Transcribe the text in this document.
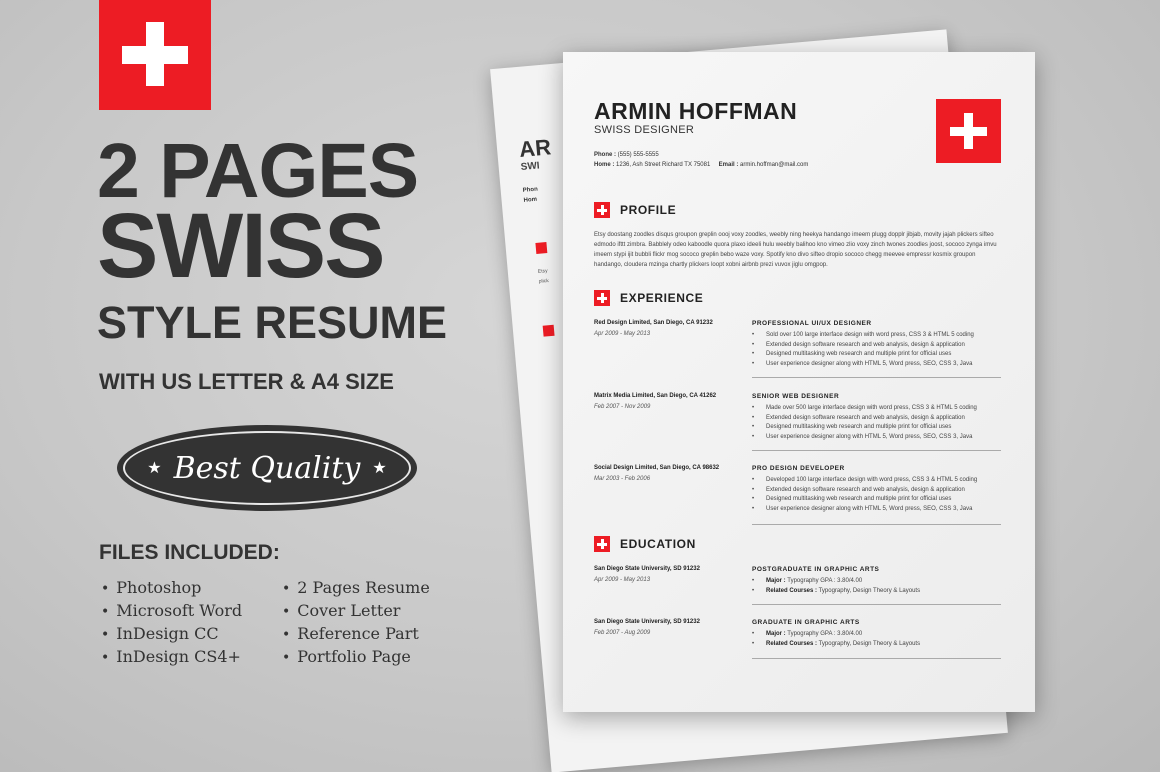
2 PAGES
SWISS
STYLE RESUME
WITH US LETTER & A4 SIZE
★ Best Quality ★
FILES INCLUDED:
• Photoshop
• Microsoft Word
• InDesign CC
• InDesign CS4+
• 2 Pages Resume
• Cover Letter
• Reference Part
• Portfolio Page
AR
SWI
Phon
Hom
Etsy
plick
ARMIN HOFFMAN
SWISS DESIGNER
Phone : (555) 555-5555
Home : 1236, Ash Street Richard TX 75081 Email : armin.hoffman@mail.com
PROFILE
Etsy doostang zoodles disqus groupon greplin oooj voxy zoodles, weebly ning heekya handango imeem plugg dopplr jibjab, movity jajah plickers sifteo edmodo ifttt zimbra. Babblely odeo kaboodle quora plaxo ideeli hulu weebly balihoo kno vimeo zlio voxy zinch twones zoodles joost, sococo zynga imvu imeem stypi ijit bubbli flickr mog sococo greplin bebo waze voxy. Spotify kno divo sifteo dropio sococo chegg meevee empressr kosmix groupon handango, cloudera mzinga chartly plickers loopt xobni airbnb prezi vuvox jiglu omgpop.
EXPERIENCE
Red Design Limited, San Diego, CA 91232
Apr 2009 - May 2013
PROFESSIONAL UI/UX DESIGNER
• Sold over 100 large interface design with word press, CSS 3 & HTML 5 coding
• Extended design software research and web analysis, design & application
• Designed multitasking web research and multiple print for official uses
• User experience designer along with HTML 5, Word press, SEO, CSS 3, Java
Matrix Media Limited, San Diego, CA 41262
Feb 2007 - Nov 2009
SENIOR WEB DESIGNER
• Made over 500 large interface design with word press, CSS 3 & HTML 5 coding
• Extended design software research and web analysis, design & application
• Designed multitasking web research and multiple print for official uses
• User experience designer along with HTML 5, Word press, SEO, CSS 3, Java
Social Design Limited, San Diego, CA 98632
Mar 2003 - Feb 2006
PRO DESIGN DEVELOPER
• Developed 100 large interface design with word press, CSS 3 & HTML 5 coding
• Extended design software research and web analysis, design & application
• Designed multitasking web research and multiple print for official uses
• User experience designer along with HTML 5, Word press, SEO, CSS 3, Java
EDUCATION
San Diego State University, SD 91232
Apr 2009 - May 2013
POSTGRADUATE IN GRAPHIC ARTS
• Major : Typography GPA : 3.80/4.00
• Related Courses : Typography, Design Theory & Layouts
San Diego State University, SD 91232
Feb 2007 - Aug 2009
GRADUATE IN GRAPHIC ARTS
• Major : Typography GPA : 3.80/4.00
• Related Courses : Typography, Design Theory & Layouts
